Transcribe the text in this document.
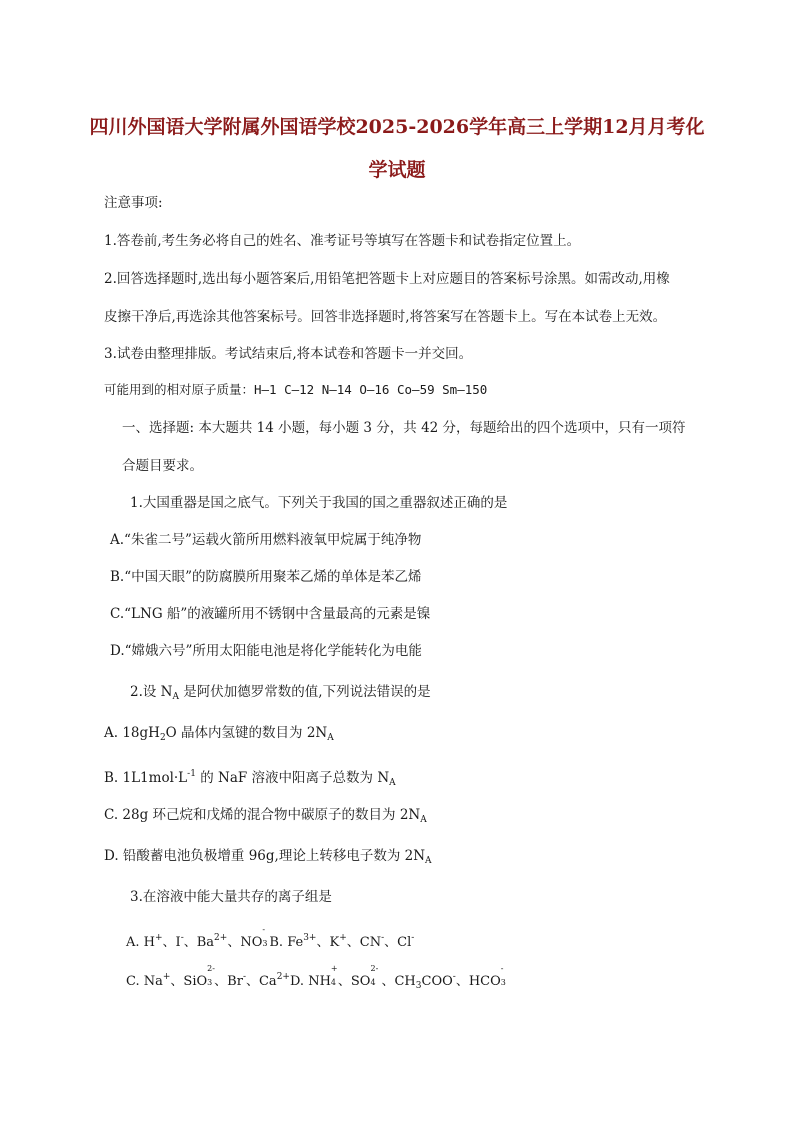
四川外国语大学附属外国语学校2025-2026学年高三上学期12月月考化
学试题
注意事项:
1.答卷前,考生务必将自己的姓名、准考证号等填写在答题卡和试卷指定位置上。
2.回答选择题时,选出每小题答案后,用铅笔把答题卡上对应题目的答案标号涂黑。如需改动,用橡
皮擦干净后,再选涂其他答案标号。回答非选择题时,将答案写在答题卡上。写在本试卷上无效。
3.试卷由整理排版。考试结束后,将本试卷和答题卡一并交回。
可能用到的相对原子质量：H—1 C—12 N—14 O—16 Co—59 Sm—150
一、选择题: 本大题共 14 小题，每小题 3 分，共 42 分，每题给出的四个选项中，只有一项符
合题目要求。
1.大国重器是国之底气。下列关于我国的国之重器叙述正确的是
A.“朱雀二号”运载火箭所用燃料液氧甲烷属于纯净物
B.“中国天眼”的防腐膜所用聚苯乙烯的单体是苯乙烯
C.“LNG 船”的液罐所用不锈钢中含量最高的元素是镍
D.“嫦娥六号”所用太阳能电池是将化学能转化为电能
2.设 $N_A$ 是阿伏加德罗常数的值,下列说法错误的是
A. $18gH_2O$ 晶体内氢键的数目为 $2N_A$
B. $1L1mol\cdot L^{-1}$ 的 NaF 溶液中阳离子总数为 $N_A$
C. 28g 环己烷和戊烯的混合物中碳原子的数目为 $2N_A$
D. 铅酸蓄电池负极增重 96g,理论上转移电子数为 $2N_A$
3.在溶液中能大量共存的离子组是
A. H+、I-、$Ba^{2+}$、NO
-
3 B. $Fe^{3+}$、K+、CN-、Cl-
C. Na+、SiO
2-
3 、Br-、$Ca^{2+}D$. NH
+
4 、SO
2-
4 、$CH_3COO^-$、HCO
-
3
